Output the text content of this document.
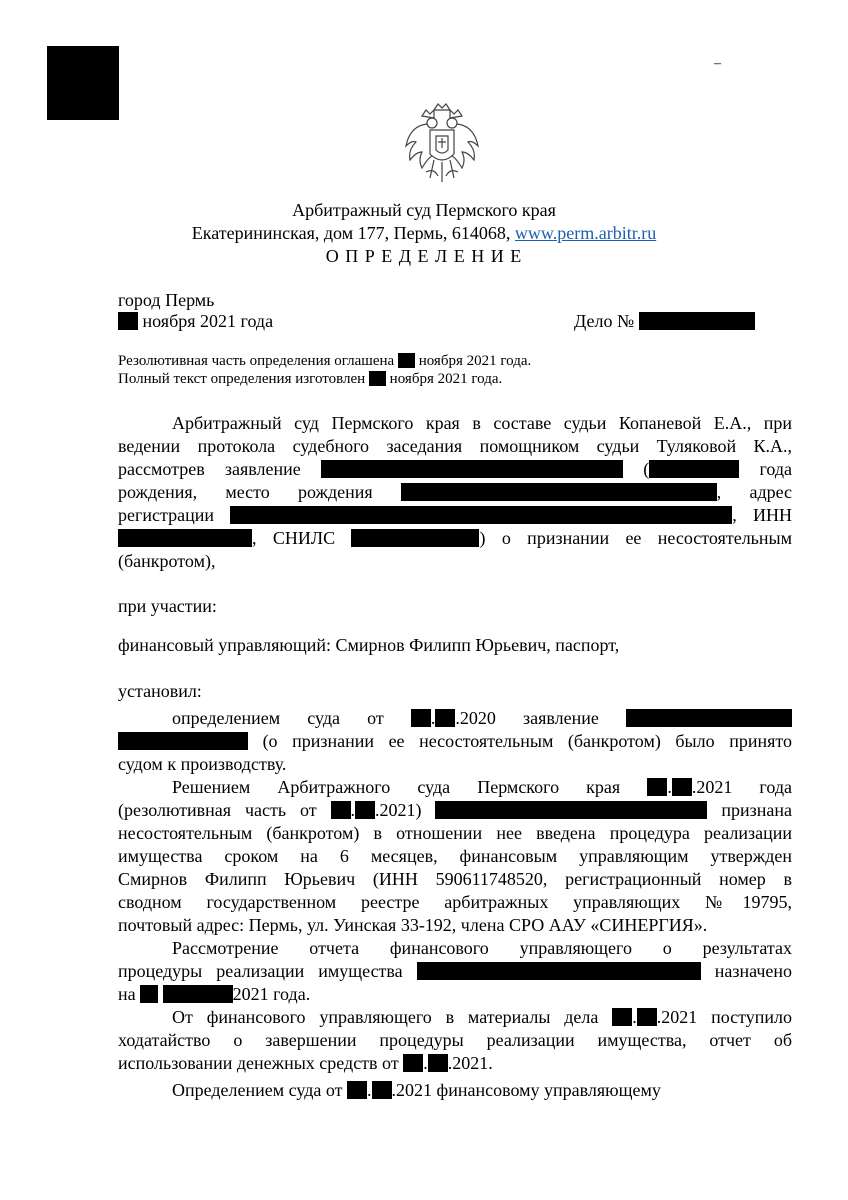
–
Арбитражный суд Пермского края
Екатерининская, дом 177, Пермь, 614068, www.perm.arbitr.ru
О П Р Е Д Е Л Е Н И Е
город Пермь
ноября 2021 года	Дело №
Резолютивная часть определения оглашена  ноября 2021 года.
Полный текст определения изготовлен  ноября 2021 года.
Арбитражный суд Пермского края в составе судьи Копаневой Е.А., при
ведении протокола судебного заседания помощником судьи Туляковой К.А.,
рассмотрев заявление	(	года
рождения, место рождения	, адрес
регистрации	, ИНН
, СНИЛС	) о признании ее несостоятельным
(банкротом),
при участии:
финансовый управляющий: Смирнов Филипп Юрьевич, паспорт,
установил:
определением суда от	. .2020 заявление
(о признании ее несостоятельным (банкротом) было принято
судом к производству.
Решением Арбитражного суда Пермского края	. .2021 года
(резолютивная часть от . .2021)	признана
несостоятельным (банкротом) в отношении нее введена процедура реализации
имущества сроком на 6 месяцев, финансовым управляющим утвержден
Смирнов Филипп Юрьевич (ИНН 590611748520, регистрационный номер в
сводном государственном реестре арбитражных управляющих №19795,
почтовый адрес: Пермь, ул. Уинская 33-192, члена СРО ААУ «СИНЕРГИЯ».
Рассмотрение отчета финансового управляющего о результатах
процедуры реализации имущества	назначено
на	2021 года.
От финансового управляющего в материалы дела . .2021 поступило
ходатайство о завершении процедуры реализации имущества, отчет об
использовании денежных средств от . .2021.
Определением суда от . .2021 финансовому управляющему
